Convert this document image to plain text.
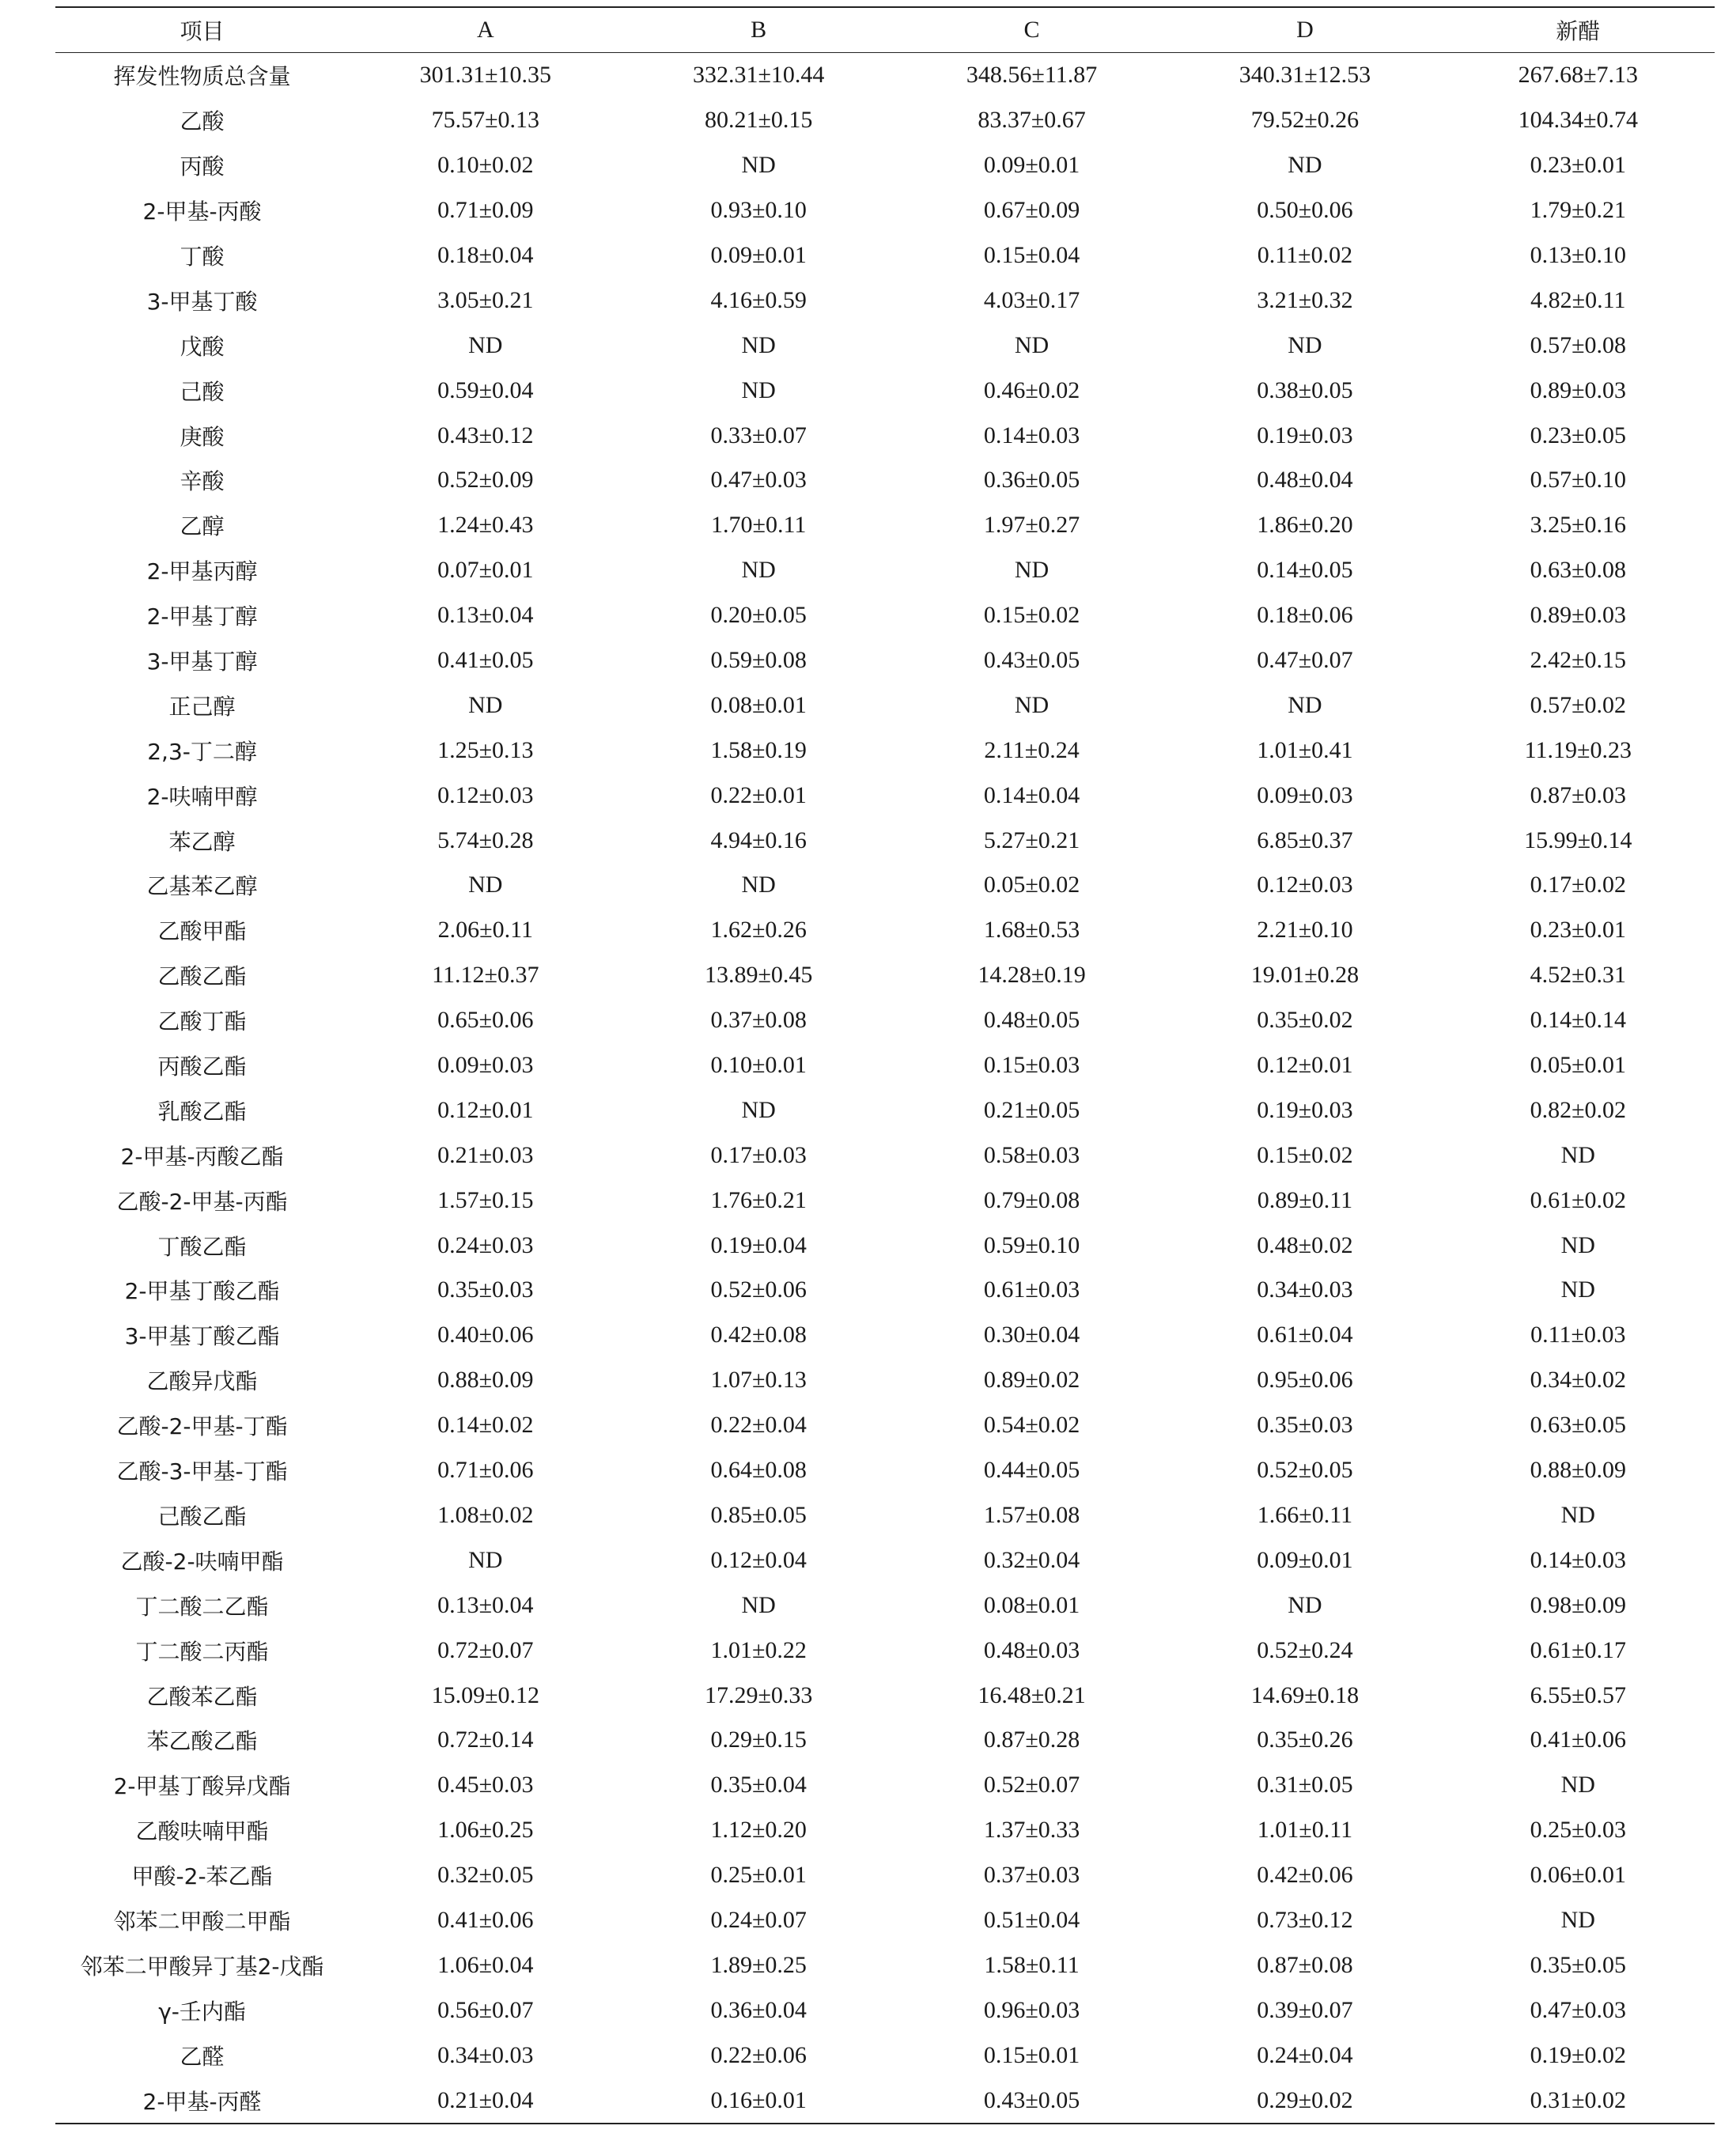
项目	A	B	C	D	新醋
挥发性物质总含量	301.31±10.35	332.31±10.44	348.56±11.87	340.31±12.53	267.68±7.13
乙酸	75.57±0.13	80.21±0.15	83.37±0.67	79.52±0.26	104.34±0.74
丙酸	0.10±0.02	ND	0.09±0.01	ND	0.23±0.01
2-甲基-丙酸	0.71±0.09	0.93±0.10	0.67±0.09	0.50±0.06	1.79±0.21
丁酸	0.18±0.04	0.09±0.01	0.15±0.04	0.11±0.02	0.13±0.10
3-甲基丁酸	3.05±0.21	4.16±0.59	4.03±0.17	3.21±0.32	4.82±0.11
戊酸	ND	ND	ND	ND	0.57±0.08
己酸	0.59±0.04	ND	0.46±0.02	0.38±0.05	0.89±0.03
庚酸	0.43±0.12	0.33±0.07	0.14±0.03	0.19±0.03	0.23±0.05
辛酸	0.52±0.09	0.47±0.03	0.36±0.05	0.48±0.04	0.57±0.10
乙醇	1.24±0.43	1.70±0.11	1.97±0.27	1.86±0.20	3.25±0.16
2-甲基丙醇	0.07±0.01	ND	ND	0.14±0.05	0.63±0.08
2-甲基丁醇	0.13±0.04	0.20±0.05	0.15±0.02	0.18±0.06	0.89±0.03
3-甲基丁醇	0.41±0.05	0.59±0.08	0.43±0.05	0.47±0.07	2.42±0.15
正己醇	ND	0.08±0.01	ND	ND	0.57±0.02
2,3-丁二醇	1.25±0.13	1.58±0.19	2.11±0.24	1.01±0.41	11.19±0.23
2-呋喃甲醇	0.12±0.03	0.22±0.01	0.14±0.04	0.09±0.03	0.87±0.03
苯乙醇	5.74±0.28	4.94±0.16	5.27±0.21	6.85±0.37	15.99±0.14
乙基苯乙醇	ND	ND	0.05±0.02	0.12±0.03	0.17±0.02
乙酸甲酯	2.06±0.11	1.62±0.26	1.68±0.53	2.21±0.10	0.23±0.01
乙酸乙酯	11.12±0.37	13.89±0.45	14.28±0.19	19.01±0.28	4.52±0.31
乙酸丁酯	0.65±0.06	0.37±0.08	0.48±0.05	0.35±0.02	0.14±0.14
丙酸乙酯	0.09±0.03	0.10±0.01	0.15±0.03	0.12±0.01	0.05±0.01
乳酸乙酯	0.12±0.01	ND	0.21±0.05	0.19±0.03	0.82±0.02
2-甲基-丙酸乙酯	0.21±0.03	0.17±0.03	0.58±0.03	0.15±0.02	ND
乙酸-2-甲基-丙酯	1.57±0.15	1.76±0.21	0.79±0.08	0.89±0.11	0.61±0.02
丁酸乙酯	0.24±0.03	0.19±0.04	0.59±0.10	0.48±0.02	ND
2-甲基丁酸乙酯	0.35±0.03	0.52±0.06	0.61±0.03	0.34±0.03	ND
3-甲基丁酸乙酯	0.40±0.06	0.42±0.08	0.30±0.04	0.61±0.04	0.11±0.03
乙酸异戊酯	0.88±0.09	1.07±0.13	0.89±0.02	0.95±0.06	0.34±0.02
乙酸-2-甲基-丁酯	0.14±0.02	0.22±0.04	0.54±0.02	0.35±0.03	0.63±0.05
乙酸-3-甲基-丁酯	0.71±0.06	0.64±0.08	0.44±0.05	0.52±0.05	0.88±0.09
己酸乙酯	1.08±0.02	0.85±0.05	1.57±0.08	1.66±0.11	ND
乙酸-2-呋喃甲酯	ND	0.12±0.04	0.32±0.04	0.09±0.01	0.14±0.03
丁二酸二乙酯	0.13±0.04	ND	0.08±0.01	ND	0.98±0.09
丁二酸二丙酯	0.72±0.07	1.01±0.22	0.48±0.03	0.52±0.24	0.61±0.17
乙酸苯乙酯	15.09±0.12	17.29±0.33	16.48±0.21	14.69±0.18	6.55±0.57
苯乙酸乙酯	0.72±0.14	0.29±0.15	0.87±0.28	0.35±0.26	0.41±0.06
2-甲基丁酸异戊酯	0.45±0.03	0.35±0.04	0.52±0.07	0.31±0.05	ND
乙酸呋喃甲酯	1.06±0.25	1.12±0.20	1.37±0.33	1.01±0.11	0.25±0.03
甲酸-2-苯乙酯	0.32±0.05	0.25±0.01	0.37±0.03	0.42±0.06	0.06±0.01
邻苯二甲酸二甲酯	0.41±0.06	0.24±0.07	0.51±0.04	0.73±0.12	ND
邻苯二甲酸异丁基2-戊酯	1.06±0.04	1.89±0.25	1.58±0.11	0.87±0.08	0.35±0.05
γ-壬内酯	0.56±0.07	0.36±0.04	0.96±0.03	0.39±0.07	0.47±0.03
乙醛	0.34±0.03	0.22±0.06	0.15±0.01	0.24±0.04	0.19±0.02
2-甲基-丙醛	0.21±0.04	0.16±0.01	0.43±0.05	0.29±0.02	0.31±0.02
